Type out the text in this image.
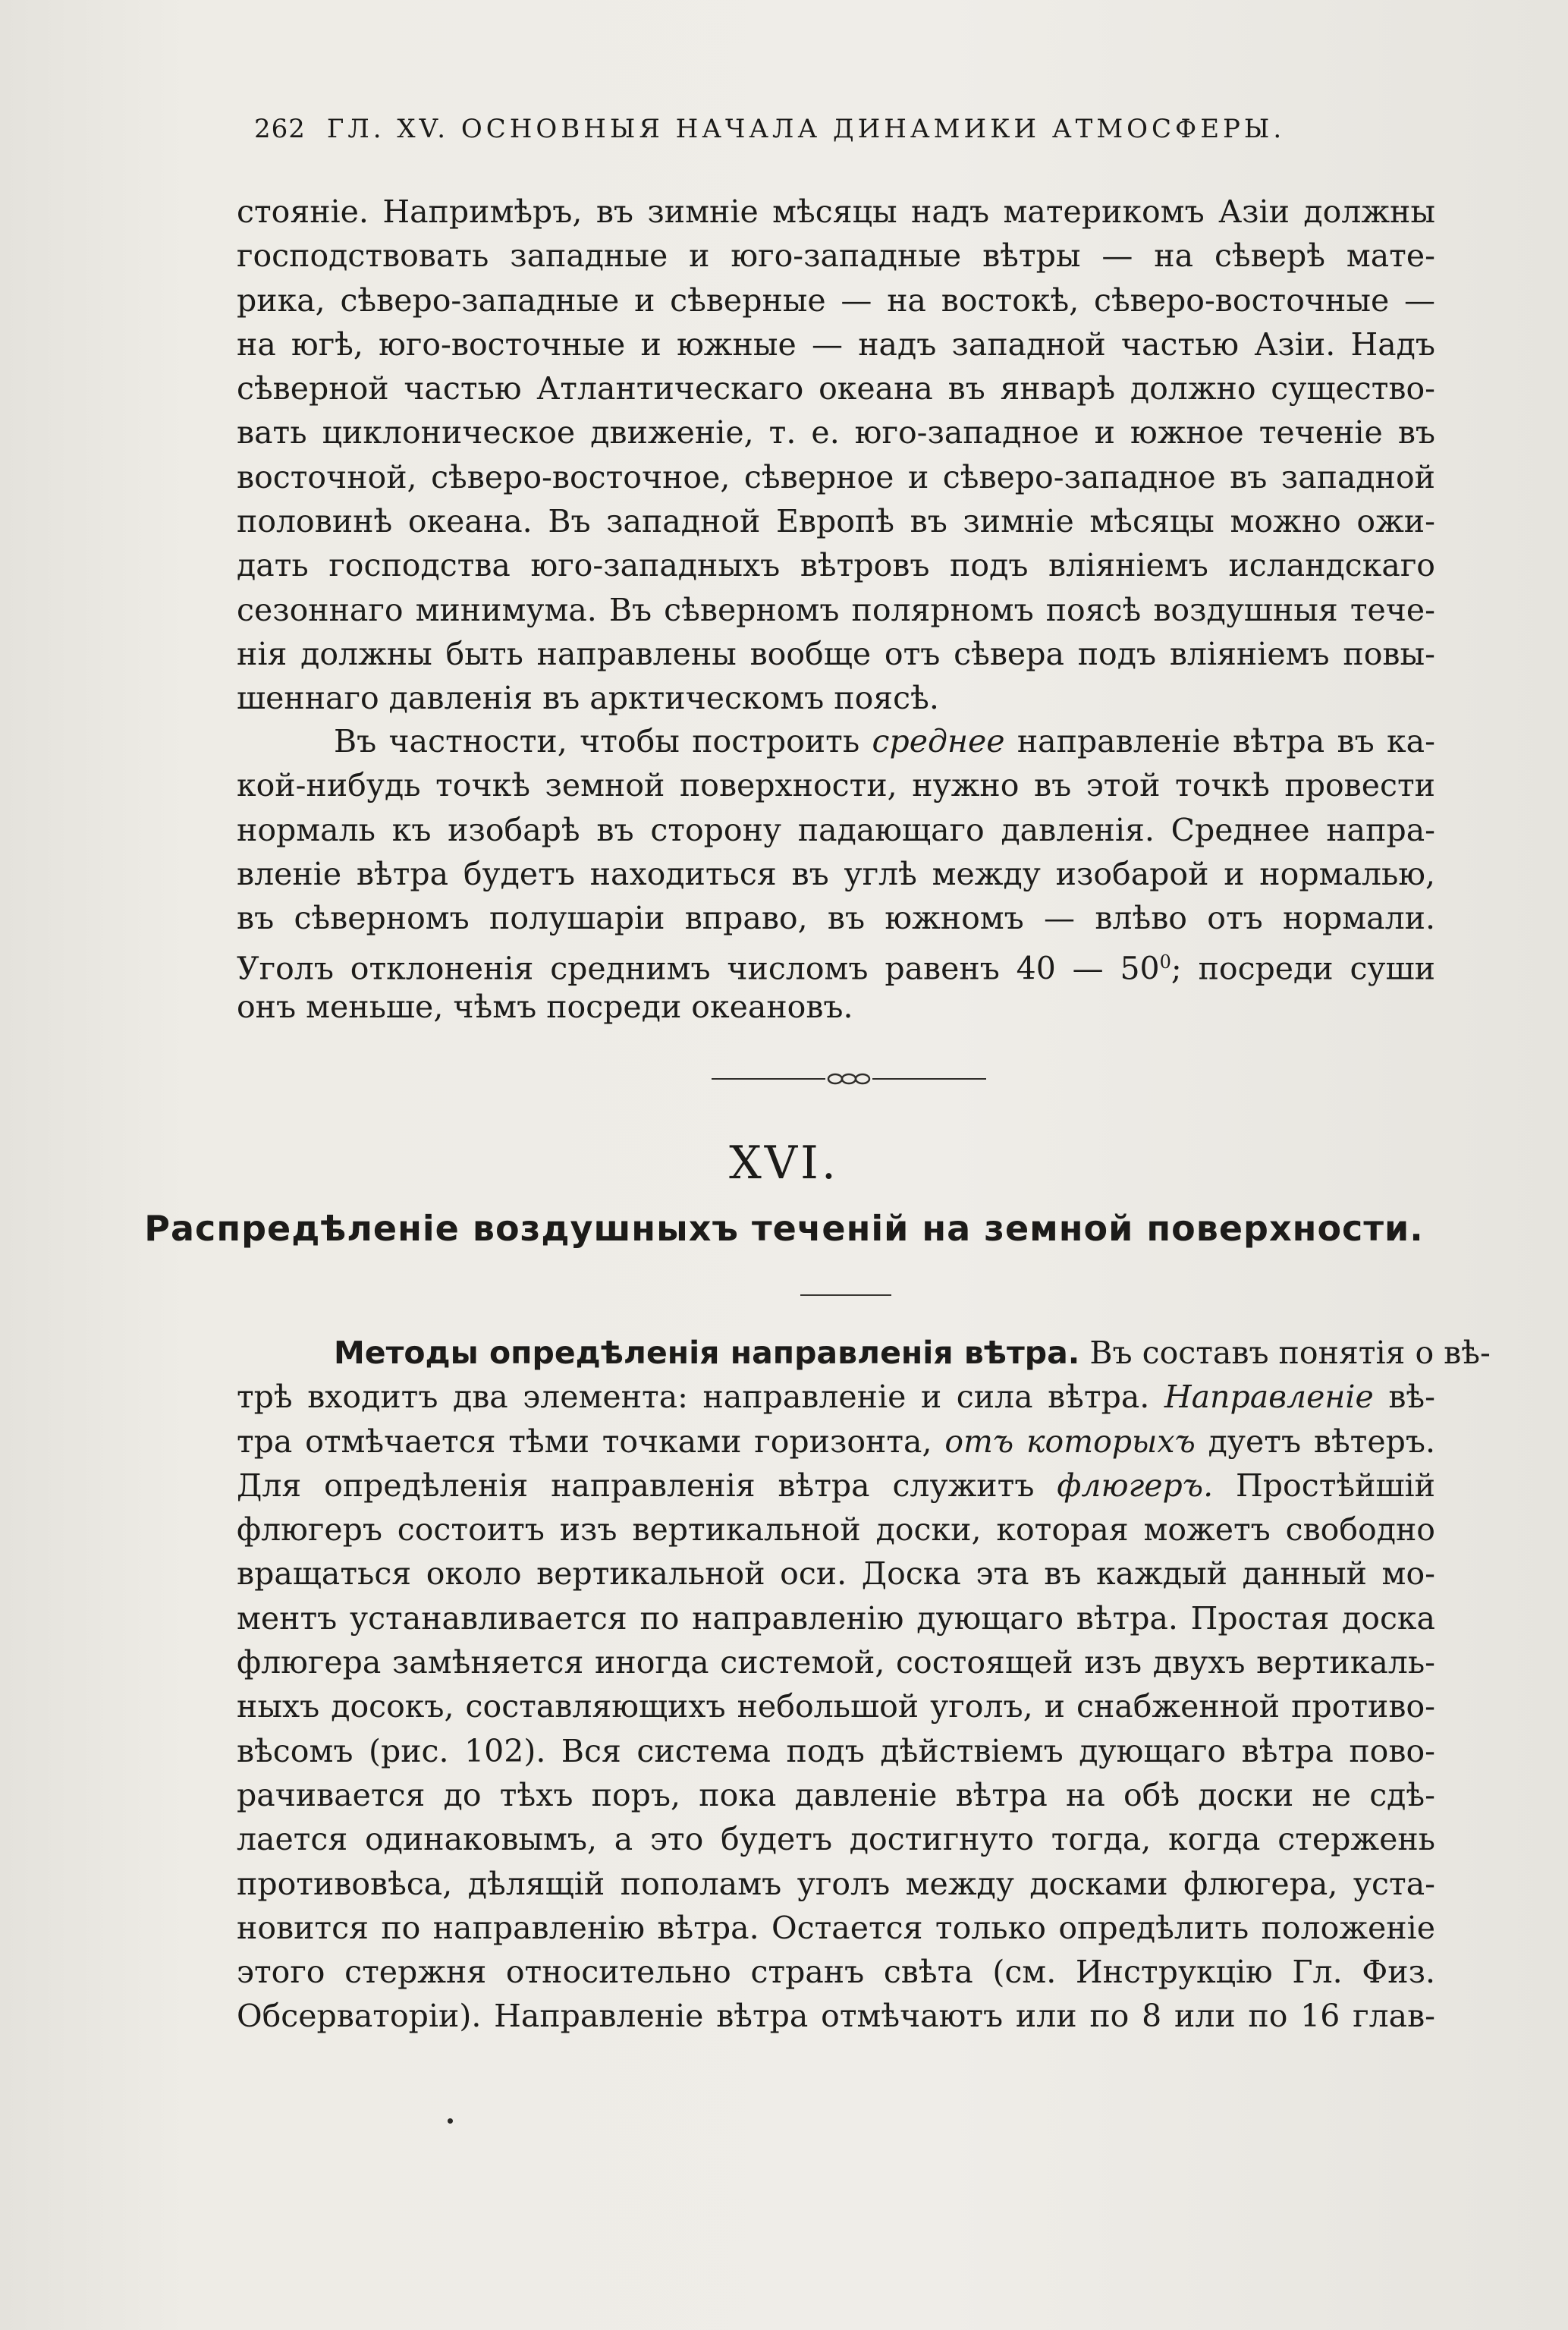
262 ГЛ. XV. ОСНОВНЫЯ НАЧАЛА ДИНАМИКИ АТМОСФЕРЫ.
стояніе. Напримѣръ, въ зимніе мѣсяцы надъ материкомъ Азіи должны
господствовать западные и юго-западные вѣтры — на сѣверѣ мате-
рика, сѣверо-западные и сѣверные — на востокѣ, сѣверо-восточные —
на югѣ, юго-восточные и южные — надъ западной частью Азіи. Надъ
сѣверной частью Атлантическаго океана въ январѣ должно существо-
вать циклоническое движеніе, т. е. юго-западное и южное теченіе въ
восточной, сѣверо-восточное, сѣверное и сѣверо-западное въ западной
половинѣ океана. Въ западной Европѣ въ зимніе мѣсяцы можно ожи-
дать господства юго-западныхъ вѣтровъ подъ вліяніемъ исландскаго
сезоннаго минимума. Въ сѣверномъ полярномъ поясѣ воздушныя тече-
нія должны быть направлены вообще отъ сѣвера подъ вліяніемъ повы-
шеннаго давленія въ арктическомъ поясѣ.
Въ частности, чтобы построить среднее направленіе вѣтра въ ка-
кой-нибудь точкѣ земной поверхности, нужно въ этой точкѣ провести
нормаль къ изобарѣ въ сторону падающаго давленія. Среднее напра-
вленіе вѣтра будетъ находиться въ углѣ между изобарой и нормалью,
въ сѣверномъ полушаріи вправо, въ южномъ — влѣво отъ нормали.
Уголъ отклоненія среднимъ числомъ равенъ 40 — $50^0$; посреди суши
онъ меньше, чѣмъ посреди океановъ.
XVI.
Распредѣленіе воздушныхъ теченій на земной поверхности.
Методы опредѣленія направленія вѣтра. Въ составъ понятія о вѣ-
трѣ входитъ два элемента: направленіе и сила вѣтра. Направленіе вѣ-
тра отмѣчается тѣми точками горизонта, отъ которыхъ дуетъ вѣтеръ.
Для опредѣленія направленія вѣтра служитъ флюгеръ. Простѣйшій
флюгеръ состоитъ изъ вертикальной доски, которая можетъ свободно
вращаться около вертикальной оси. Доска эта въ каждый данный мо-
ментъ устанавливается по направленію дующаго вѣтра. Простая доска
флюгера замѣняется иногда системой, состоящей изъ двухъ вертикаль-
ныхъ досокъ, составляющихъ небольшой уголъ, и снабженной противо-
вѣсомъ (рис. 102). Вся система подъ дѣйствіемъ дующаго вѣтра пово-
рачивается до тѣхъ поръ, пока давленіе вѣтра на обѣ доски не сдѣ-
лается одинаковымъ, а это будетъ достигнуто тогда, когда стержень
противовѣса, дѣлящій пополамъ уголъ между досками флюгера, уста-
новится по направленію вѣтра. Остается только опредѣлить положеніе
этого стержня относительно странъ свѣта (см. Инструкцію Гл. Физ.
Обсерваторіи). Направленіе вѣтра отмѣчаютъ или по 8 или по 16 глав-
